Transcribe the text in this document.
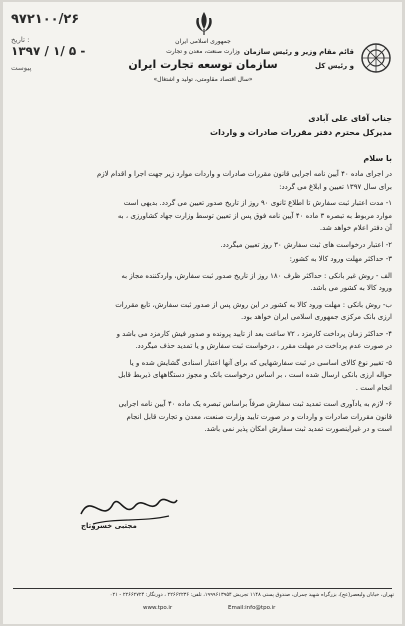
۹۷۲۱۰۰/۲۶
تاریخ :
۱۳۹۷ / ۱/ ۵ -
پیوست
جمهوری اسلامی ایران
وزارت صنعت، معدن و تجارت
سازمان توسعه تجارت ایران
«سال اقتصاد مقاومتی، تولید و اشتغال»
قائم مقام وزیر و رئیس سازمان
و رئیس کل
جناب آقای علی آبادی
مدیرکل محترم دفتر مقررات صادرات و واردات
با سلام
در اجرای ماده ۴۰ آیین نامه اجرایی قانون مقررات صادرات و واردات موارد زیر جهت اجرا و اقدام لازم
برای سال ۱۳۹۷ تعیین و ابلاغ می گردد:
۱- مدت اعتبار ثبت سفارش تا اطلاع ثانوی ۹۰ روز از تاریخ صدور تعیین می گردد. بدیهی است
موارد مربوط به تبصره ۳ ماده ۴۰ آیین نامه فوق پس از تعیین توسط وزارت جهاد کشاورزی ، به
آن دفتر اعلام خواهد شد.
۲- اعتبار درخواست های ثبت سفارش ۳۰ روز تعیین میگردد.
۳- حداکثر مهلت ورود کالا به کشور:
الف - روش غیر بانکی : حداکثر ظرف ۱۸۰ روز از تاریخ صدور ثبت سفارش، واردکننده مجاز به
ورود کالا به کشور می باشد.
ب- روش بانکی : مهلت ورود کالا به کشور در این روش پس از صدور ثبت سفارش، تابع مقررات
ارزی بانک مرکزی جمهوری اسلامی ایران خواهد بود.
۴- حداکثر زمان پرداخت کارمزد ، ۷۲ ساعت بعد از تایید پرونده و صدور فیش کارمزد می باشد و
در صورت عدم پرداخت در مهلت مقرر ، درخواست ثبت سفارش و یا تمدید حذف میگردد.
۵- تغییر نوع کالای اساسی در ثبت سفارشهایی که برای آنها اعتبار اسنادی گشایش شده و یا
حواله ارزی بانکی ارسال شده است ، بر اساس درخواست بانک و مجوز دستگاههای ذیربط قابل
انجام است .
۶- لازم به یادآوری است تمدید ثبت سفارش صرفاً براساس تبصره یک ماده ۴۰ آیین نامه اجرایی
قانون مقررات صادرات و واردات و در صورت تایید وزارت صنعت، معدن و تجارت قابل انجام
است و در غیراینصورت تمدید ثبت سفارش امکان پذیر نمی باشد.
مجتبی خسروتاج
تهران، خیابان ولیعصر(عج)، بزرگراه شهید چمران، صندوق پستی ۱۱۴۸ تجریش ۱۹۹۹۶۱۳۹۵۴، تلفن: ۲۲۶۶۲۲۳۶ ، دورنگار: ۲۲۶۶۲۷۲۴ - ۰۲۱
www.tpo.ir	Email:info@tpo.ir
